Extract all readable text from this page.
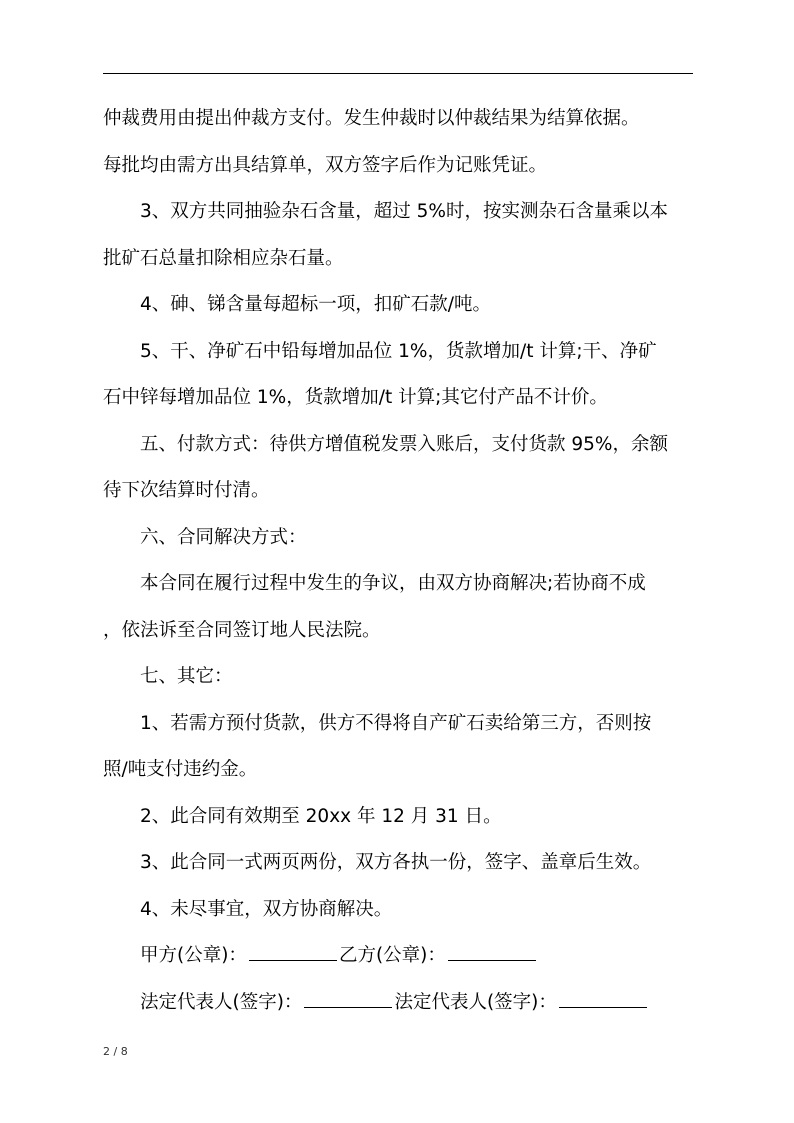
仲裁费用由提出仲裁方支付。发生仲裁时以仲裁结果为结算依据。
每批均由需方出具结算单，双方签字后作为记账凭证。
3、双方共同抽验杂石含量，超过 5%时，按实测杂石含量乘以本
批矿石总量扣除相应杂石量。
4、砷、锑含量每超标一项，扣矿石款/吨。
5、干、净矿石中铅每增加品位 1%，货款增加/t 计算;干、净矿
石中锌每增加品位 1%，货款增加/t 计算;其它付产品不计价。
五、付款方式：待供方增值税发票入账后，支付货款 95%，余额
待下次结算时付清。
六、合同解决方式：
本合同在履行过程中发生的争议，由双方协商解决;若协商不成
，依法诉至合同签订地人民法院。
七、其它：
1、若需方预付货款，供方不得将自产矿石卖给第三方，否则按
照/吨支付违约金。
2、此合同有效期至 20xx 年 12 月 31 日。
3、此合同一式两页两份，双方各执一份，签字、盖章后生效。
4、未尽事宜，双方协商解决。
甲方(公章)：	乙方(公章)：
法定代表人(签字)：	法定代表人(签字)：
2 / 8
